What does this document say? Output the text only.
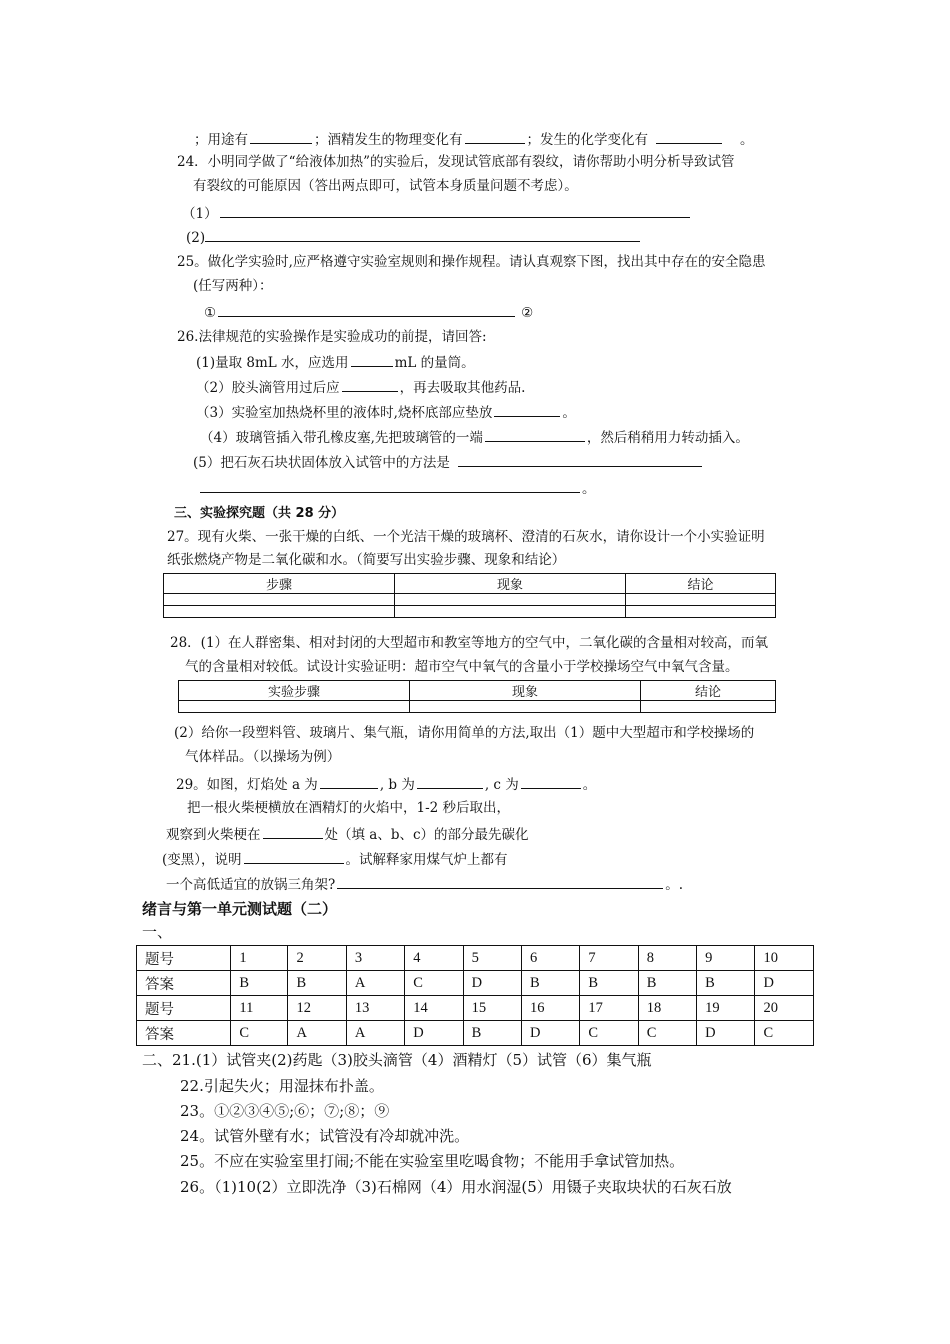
；用途有	；酒精发生的物理变化有	；发生的化学变化有	。
24．小明同学做了“给液体加热”的实验后，发现试管底部有裂纹，请你帮助小明分析导致试管
有裂纹的可能原因（答出两点即可，试管本身质量问题不考虑）。
（1）
(2)
25。做化学实验时,应严格遵守实验室规则和操作规程。请认真观察下图，找出其中存在的安全隐患
(任写两种）：
①	②
26.法律规范的实验操作是实验成功的前提，请回答:
(1)量取 8mL 水，应选用	mL 的量筒。
（2）胶头滴管用过后应	，再去吸取其他药品.
（3）实验室加热烧杯里的液体时,烧杯底部应垫放	。
（4）玻璃管插入带孔橡皮塞,先把玻璃管的一端	，然后稍稍用力转动插入。
(5）把石灰石块状固体放入试管中的方法是
。
三、实验探究题（共 28 分）
27。现有火柴、一张干燥的白纸、一个光洁干燥的玻璃杯、澄清的石灰水，请你设计一个小实验证明
纸张燃烧产物是二氧化碳和水。（简要写出实验步骤、现象和结论）
步骤	现象	结论

28．(1）在人群密集、相对封闭的大型超市和教室等地方的空气中，二氧化碳的含量相对较高，而氧
气的含量相对较低。试设计实验证明：超市空气中氧气的含量小于学校操场空气中氧气含量。
实验步骤	现象	结论

(2）给你一段塑料管、玻璃片、集气瓶，请你用简单的方法,取出（1）题中大型超市和学校操场的
气体样品。（以操场为例）
29。如图，灯焰处 a 为	, b 为	, c 为	。
把一根火柴梗横放在酒精灯的火焰中，1-2 秒后取出，
观察到火柴梗在	处（填 a、b、c）的部分最先碳化
(变黑），说明	。试解释家用煤气炉上都有
一个高低适宜的放锅三角架?	。.
绪言与第一单元测试题（二）
一、
题号	1	2	3	4	5	6	7	8	9	10
答案	B	B	A	C	D	B	B	B	B	D
题号	11	12	13	14	15	16	17	18	19	20
答案	C	A	A	D	B	D	C	C	D	C
二、21.(1）试管夹(2)药匙（3)胶头滴管（4）酒精灯（5）试管（6）集气瓶
22.引起失火；用湿抹布扑盖。
23。①②③④⑤;⑥；⑦;⑧；⑨
24。试管外壁有水；试管没有冷却就冲洗。
25。不应在实验室里打闹;不能在实验室里吃喝食物；不能用手拿试管加热。
26。（1)10(2）立即洗净（3)石棉网（4）用水润湿(5）用镊子夹取块状的石灰石放
